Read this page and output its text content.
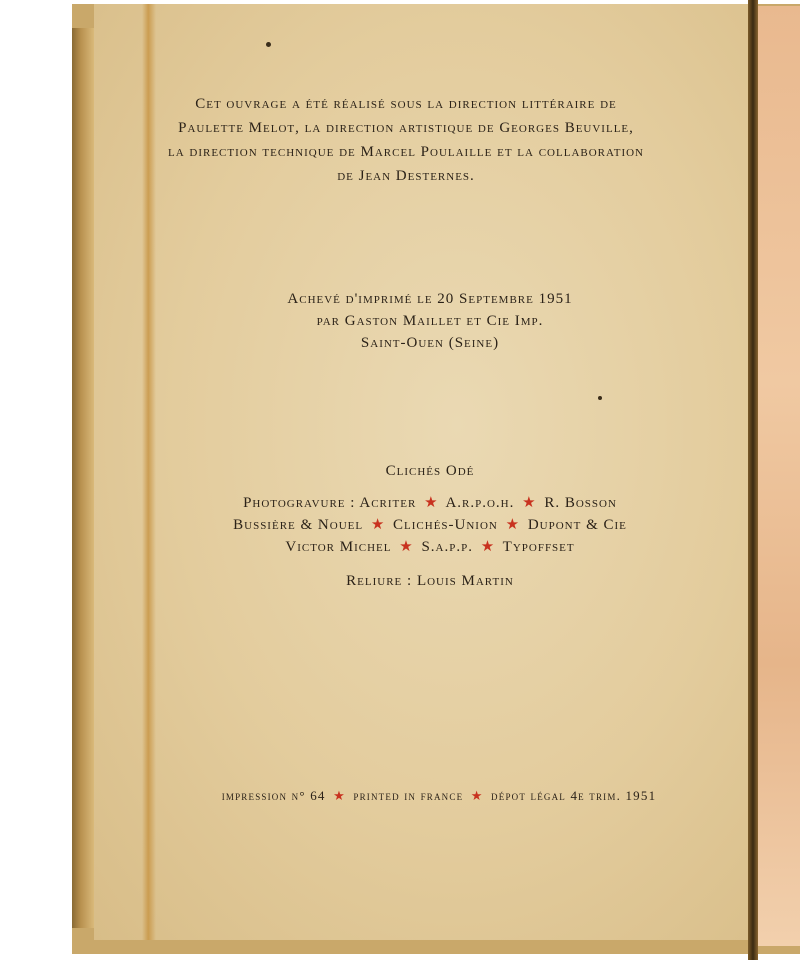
Cet ouvrage a été réalisé sous la direction littéraire de

Paulette Melot, la direction artistique de Georges Beuville,

la direction technique de Marcel Poulaille et la collaboration

de Jean Desternes.

Achevé d'imprimé le 20 Septembre 1951
par Gaston Maillet et Cie Imp.
Saint-Ouen (Seine)
Clichés Odé
Photogravure : Acriter ★ A.r.p.o.h. ★ R. Bosson
Bussière & Nouel ★ Clichés-Union ★ Dupont & Cie
Victor Michel ★ S.a.p.p. ★ Typoffset
Reliure : Louis Martin
impression n° 64 ★ printed in france ★ dépot légal 4e trim. 1951
